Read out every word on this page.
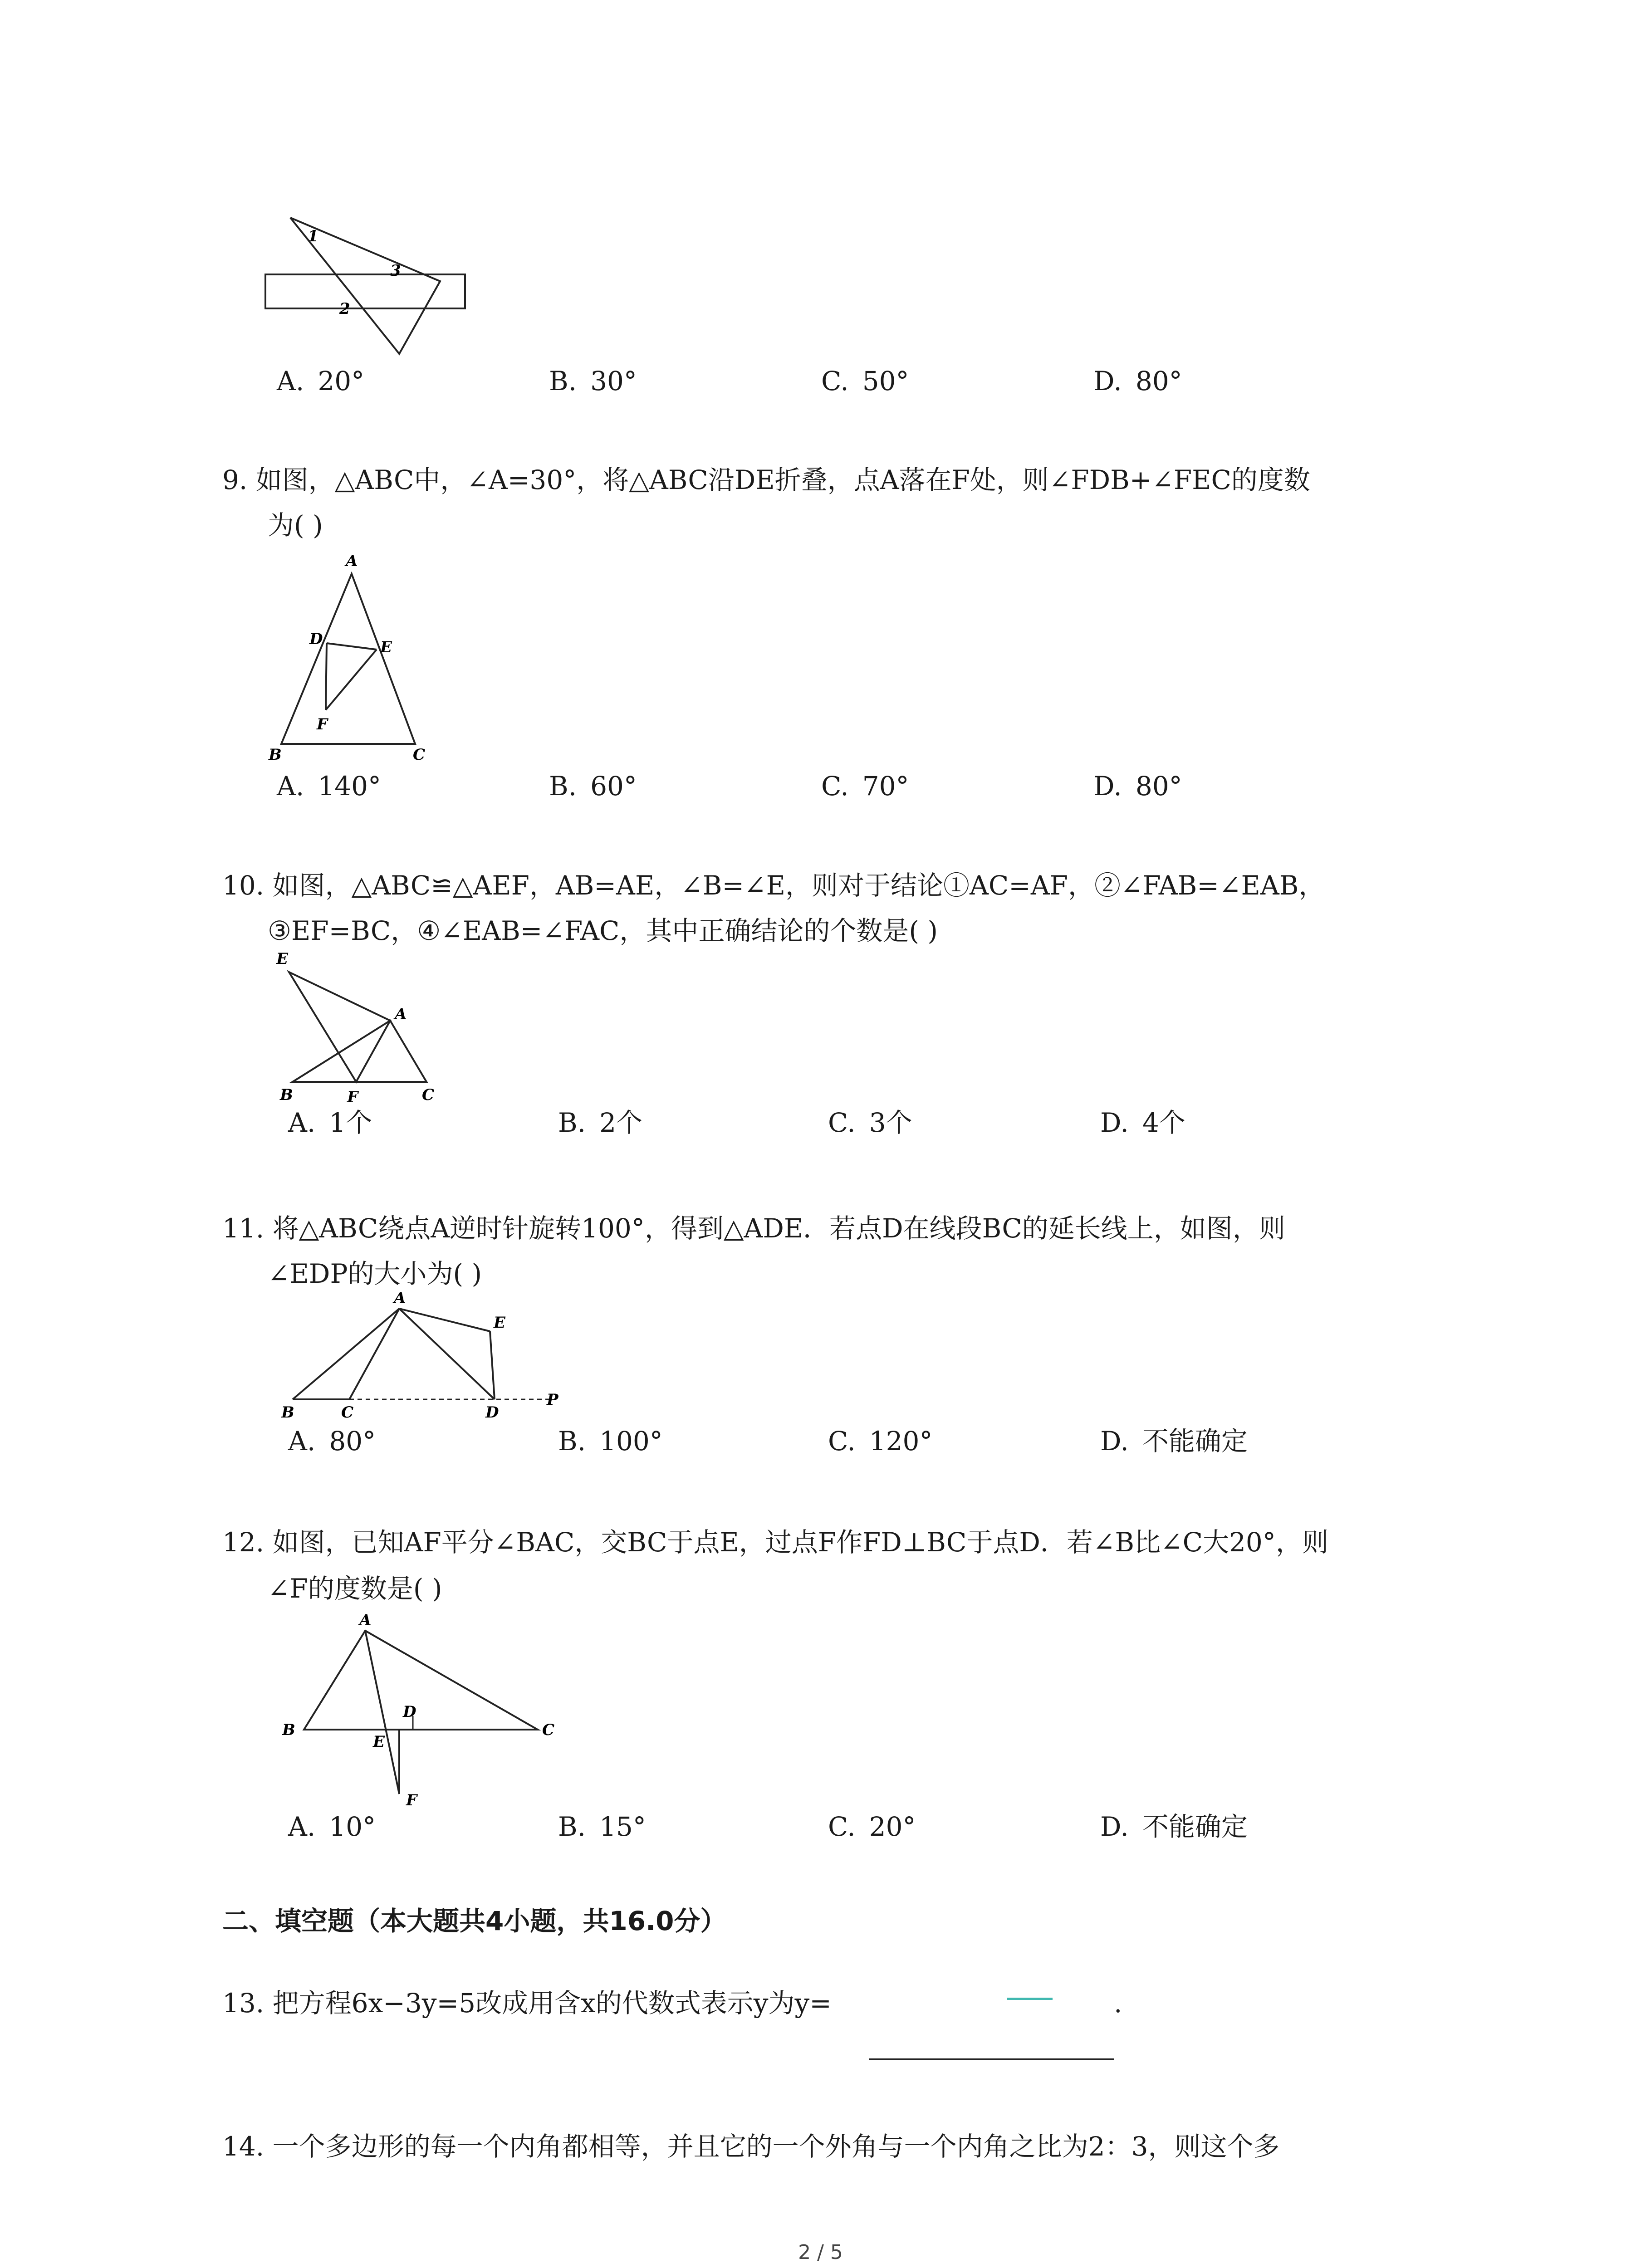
1
3
2
A. 20°	B. 30°	C. 50°	D. 80°
9. 如图，△ABC中，∠A=30°，将△ABC沿DE折叠，点A落在F处，则∠FDB+∠FEC的度数
为( )
A
D	E
F
B	C
A. 140°	B. 60°	C. 70°	D. 80°
10. 如图，△ABC≌△AEF，AB=AE，∠B=∠E，则对于结论①AC=AF，②∠FAB=∠EAB，
③EF=BC，④∠EAB=∠FAC，其中正确结论的个数是( )
E
A
B	F	C
A. 1个	B. 2个	C. 3个	D. 4个
11. 将△ABC绕点A逆时针旋转100°，得到△ADE．若点D在线段BC的延长线上，如图，则
∠EDP的大小为( )
A
E
B	C	D
P
A. 80°	B. 100°	C. 120°	D. 不能确定
12. 如图，已知AF平分∠BAC，交BC于点E，过点F作FD⊥BC于点D．若∠B比∠C大20°，则
∠F的度数是( )
A
B	C
D
E
F
A. 10°	B. 15°	C. 20°	D. 不能确定
二、填空题（本大题共4小题，共16.0分）
13. 把方程6x−3y=5改成用含x的代数式表示y为y=	.
14. 一个多边形的每一个内角都相等，并且它的一个外角与一个内角之比为2：3，则这个多
2 / 5
